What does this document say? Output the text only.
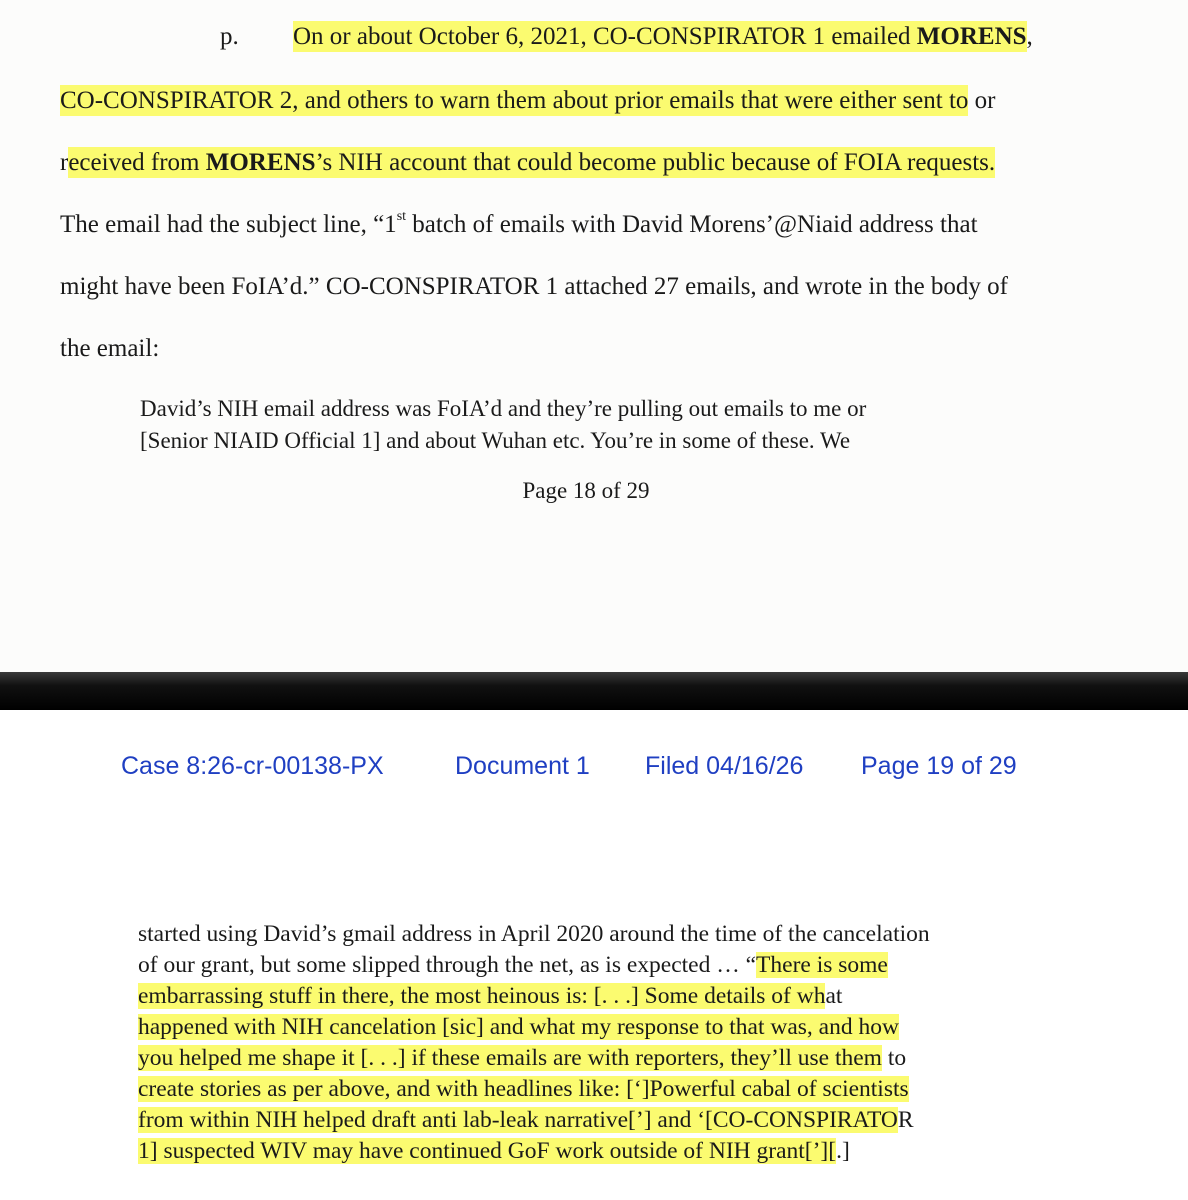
p. On or about October 6, 2021, CO-CONSPIRATOR 1 emailed MORENS,
CO-CONSPIRATOR 2, and others to warn them about prior emails that were either sent to or
received from MORENS’s NIH account that could become public because of FOIA requests.
The email had the subject line, “1st batch of emails with David Morens’@Niaid address that
might have been FoIA’d.” CO-CONSPIRATOR 1 attached 27 emails, and wrote in the body of
the email:
David’s NIH email address was FoIA’d and they’re pulling out emails to me or
[Senior NIAID Official 1] and about Wuhan etc. You’re in some of these. We
Page 18 of 29
Case 8:26-cr-00138-PX	Document 1 Filed 04/16/26 Page 19 of 29
started using David’s gmail address in April 2020 around the time of the cancelation
of our grant, but some slipped through the net, as is expected … “There is some
embarrassing stuff in there, the most heinous is: [. . .] Some details of what
happened with NIH cancelation [sic] and what my response to that was, and how
you helped me shape it [. . .] if these emails are with reporters, they’ll use them to
create stories as per above, and with headlines like: [‘]Powerful cabal of scientists
from within NIH helped draft anti lab-leak narrative[’] and ‘[CO-CONSPIRATOR
1] suspected WIV may have continued GoF work outside of NIH grant[’][.]
